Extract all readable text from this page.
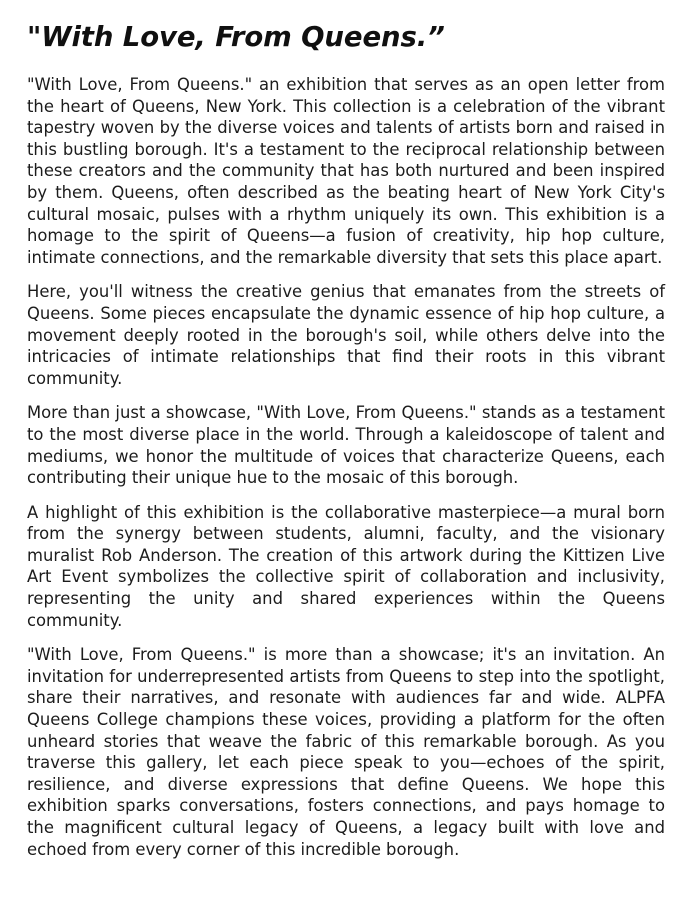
"With Love, From Queens.”

"With Love, From Queens." an exhibition that serves as an open letter from the heart of Queens, New York. This collection is a celebration of the vibrant tapestry woven by the diverse voices and talents of artists born and raised in this bustling borough. It's a testament to the reciprocal relationship between these creators and the community that has both nurtured and been inspired by them. Queens, often described as the beating heart of New York City's cultural mosaic, pulses with a rhythm uniquely its own. This exhibition is a homage to the spirit of Queens—a fusion of creativity, hip hop culture, intimate connections, and the remarkable diversity that sets this place apart.

Here, you'll witness the creative genius that emanates from the streets of Queens. Some pieces encapsulate the dynamic essence of hip hop culture, a movement deeply rooted in the borough's soil, while others delve into the intricacies of intimate relationships that find their roots in this vibrant community.

More than just a showcase, "With Love, From Queens." stands as a testament to the most diverse place in the world. Through a kaleidoscope of talent and mediums, we honor the multitude of voices that characterize Queens, each contributing their unique hue to the mosaic of this borough.

A highlight of this exhibition is the collaborative masterpiece—a mural born from the synergy between students, alumni, faculty, and the visionary muralist Rob Anderson. The creation of this artwork during the Kittizen Live Art Event symbolizes the collective spirit of collaboration and inclusivity, representing the unity and shared experiences within the Queens community.

"With Love, From Queens." is more than a showcase; it's an invitation. An invitation for underrepresented artists from Queens to step into the spotlight, share their narratives, and resonate with audiences far and wide. ALPFA Queens College champions these voices, providing a platform for the often unheard stories that weave the fabric of this remarkable borough. As you traverse this gallery, let each piece speak to you—echoes of the spirit, resilience, and diverse expressions that define Queens. We hope this exhibition sparks conversations, fosters connections, and pays homage to the magnificent cultural legacy of Queens, a legacy built with love and echoed from every corner of this incredible borough.
